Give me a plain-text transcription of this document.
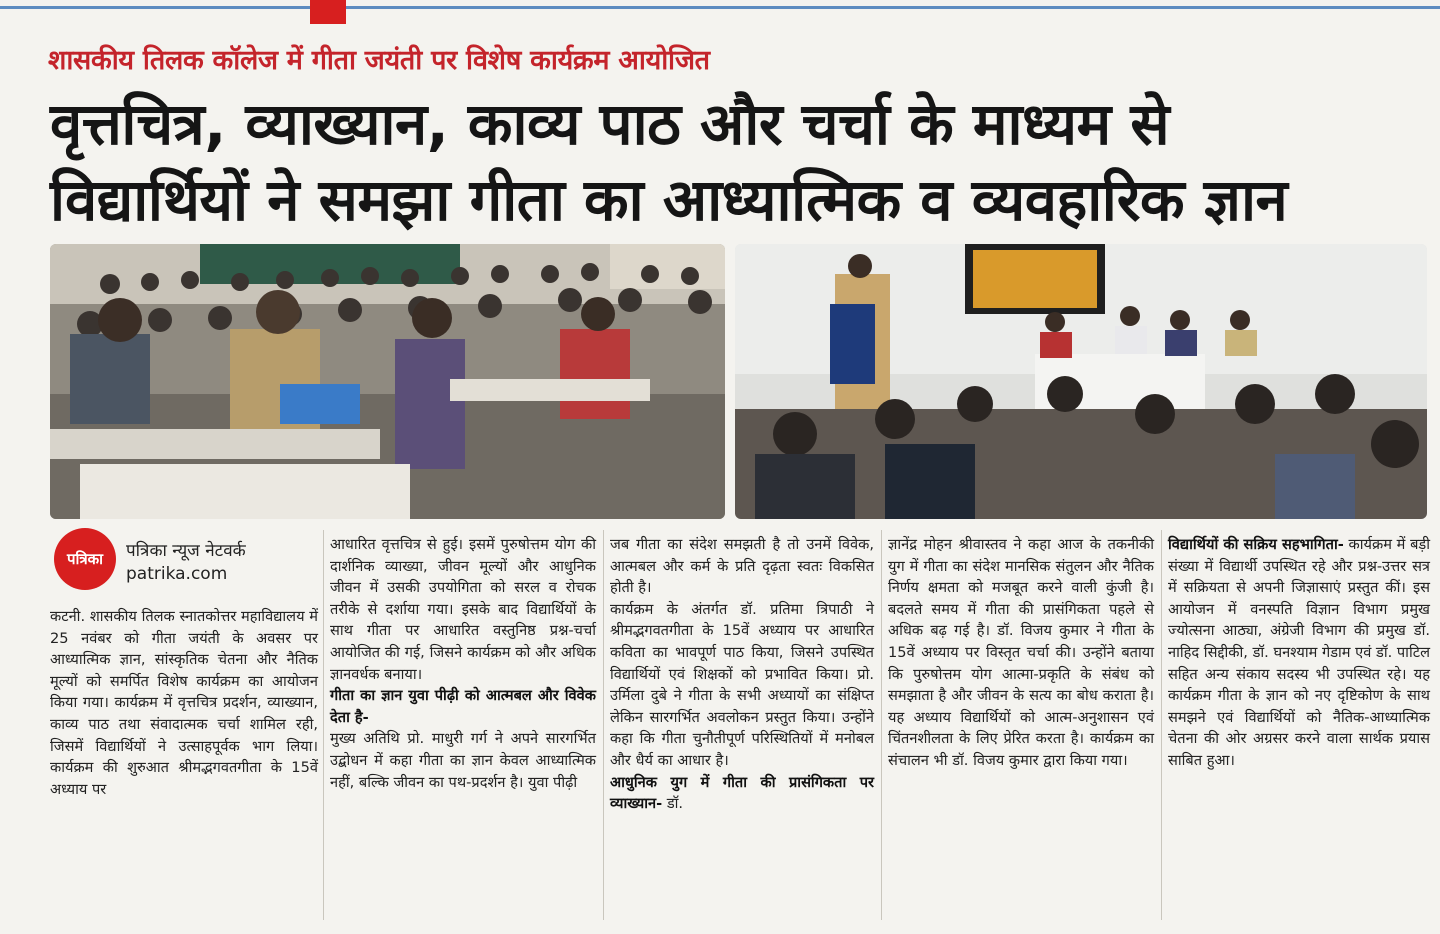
शासकीय तिलक कॉलेज में गीता जयंती पर विशेष कार्यक्रम आयोजित
वृत्तचित्र, व्याख्यान, काव्य पाठ और चर्चा के माध्यम से
विद्यार्थियों ने समझा गीता का आध्यात्मिक व व्यवहारिक ज्ञान
पत्रिका	पत्रिका न्यूज नेटवर्क
patrika.com

कटनी. शासकीय तिलक स्नातकोत्तर महाविद्यालय में 25 नवंबर को गीता जयंती के अवसर पर आध्यात्मिक ज्ञान, सांस्कृतिक चेतना और नैतिक मूल्यों को समर्पित विशेष कार्यक्रम का आयोजन किया गया। कार्यक्रम में वृत्तचित्र प्रदर्शन, व्याख्यान, काव्य पाठ तथा संवादात्मक चर्चा शामिल रही, जिसमें विद्यार्थियों ने उत्साहपूर्वक भाग लिया। कार्यक्रम की शुरुआत श्रीमद्भगवतगीता के 15वें अध्याय पर

आधारित वृत्तचित्र से हुई। इसमें पुरुषोत्तम योग की दार्शनिक व्याख्या, जीवन मूल्यों और आधुनिक जीवन में उसकी उपयोगिता को सरल व रोचक तरीके से दर्शाया गया। इसके बाद विद्यार्थियों के साथ गीता पर आधारित वस्तुनिष्ठ प्रश्न-चर्चा आयोजित की गई, जिसने कार्यक्रम को और अधिक ज्ञानवर्धक बनाया।

गीता का ज्ञान युवा पीढ़ी को आत्मबल और विवेक देता है-

मुख्य अतिथि प्रो. माधुरी गर्ग ने अपने सारगर्भित उद्बोधन में कहा गीता का ज्ञान केवल आध्यात्मिक नहीं, बल्कि जीवन का पथ-प्रदर्शन है। युवा पीढ़ी

जब गीता का संदेश समझती है तो उनमें विवेक, आत्मबल और कर्म के प्रति दृढ़ता स्वतः विकसित होती है।

कार्यक्रम के अंतर्गत डॉ. प्रतिमा त्रिपाठी ने श्रीमद्भगवतगीता के 15वें अध्याय पर आधारित कविता का भावपूर्ण पाठ किया, जिसने उपस्थित विद्यार्थियों एवं शिक्षकों को प्रभावित किया। प्रो. उर्मिला दुबे ने गीता के सभी अध्यायों का संक्षिप्त लेकिन सारगर्भित अवलोकन प्रस्तुत किया। उन्होंने कहा कि गीता चुनौतीपूर्ण परिस्थितियों में मनोबल और धैर्य का आधार है।

आधुनिक युग में गीता की प्रासंगिकता पर व्याख्यान- डॉ.

ज्ञानेंद्र मोहन श्रीवास्तव ने कहा आज के तकनीकी युग में गीता का संदेश मानसिक संतुलन और नैतिक निर्णय क्षमता को मजबूत करने वाली कुंजी है। बदलते समय में गीता की प्रासंगिकता पहले से अधिक बढ़ गई है। डॉ. विजय कुमार ने गीता के 15वें अध्याय पर विस्तृत चर्चा की। उन्होंने बताया कि पुरुषोत्तम योग आत्मा-प्रकृति के संबंध को समझाता है और जीवन के सत्य का बोध कराता है। यह अध्याय विद्यार्थियों को आत्म-अनुशासन एवं चिंतनशीलता के लिए प्रेरित करता है। कार्यक्रम का संचालन भी डॉ. विजय कुमार द्वारा किया गया।

विद्यार्थियों की सक्रिय सहभागिता- कार्यक्रम में बड़ी संख्या में विद्यार्थी उपस्थित रहे और प्रश्न-उत्तर सत्र में सक्रियता से अपनी जिज्ञासाएं प्रस्तुत कीं। इस आयोजन में वनस्पति विज्ञान विभाग प्रमुख ज्योत्सना आठ्या, अंग्रेजी विभाग की प्रमुख डॉ. नाहिद सिद्दीकी, डॉ. घनश्याम गेडाम एवं डॉ. पाटिल सहित अन्य संकाय सदस्य भी उपस्थित रहे। यह कार्यक्रम गीता के ज्ञान को नए दृष्टिकोण के साथ समझने एवं विद्यार्थियों को नैतिक-आध्यात्मिक चेतना की ओर अग्रसर करने वाला सार्थक प्रयास साबित हुआ।
